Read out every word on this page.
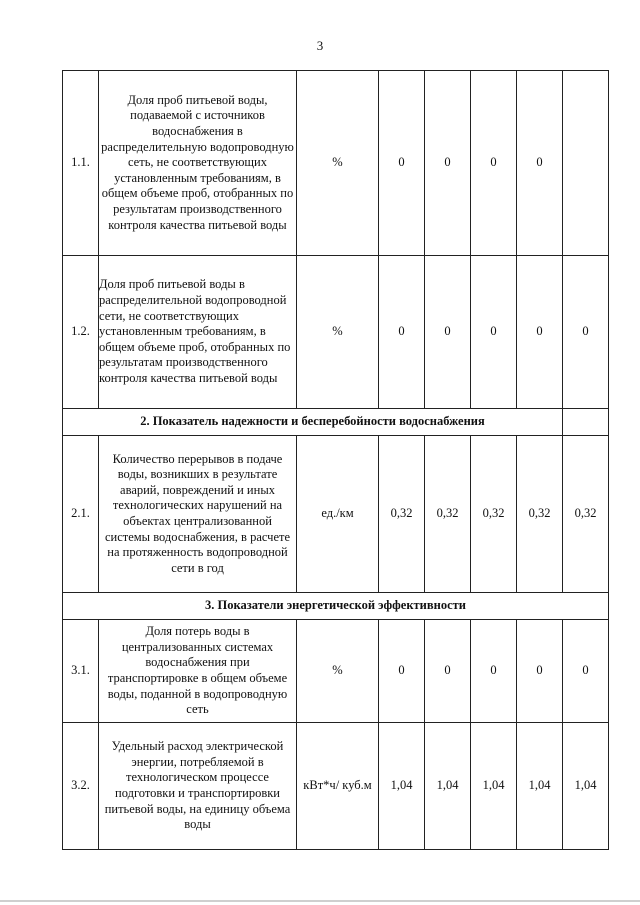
3
1.1.	Доля проб питьевой воды, подаваемой с источников водоснабжения в распределительную водопроводную сеть, не соответствующих установленным требованиям, в общем объеме проб, отобранных по результатам производственного контроля качества питьевой воды	%	0	0	0	0	
1.2.	Доля проб питьевой воды в распределительной водопроводной сети, не соответствующих установленным требованиям, в общем объеме проб, отобранных по результатам производственного контроля качества питьевой воды	%	0	0	0	0	0
2. Показатель надежности и бесперебойности водоснабжения							
2.1.	Количество перерывов в подаче воды, возникших в результате аварий, повреждений и иных технологических нарушений на объектах централизованной системы водоснабжения, в расчете на протяженность водопроводной сети в год	ед./км	0,32	0,32	0,32	0,32	0,32
3. Показатели энергетической эффективности							
3.1.	Доля потерь воды в централизованных системах водоснабжения при транспортировке в общем объеме воды, поданной в водопроводную сеть	%	0	0	0	0	0
3.2.	Удельный расход электрической энергии, потребляемой в технологическом процессе подготовки и транспортировки питьевой воды, на единицу объема воды	кВт*ч/ куб.м	1,04	1,04	1,04	1,04	1,04
